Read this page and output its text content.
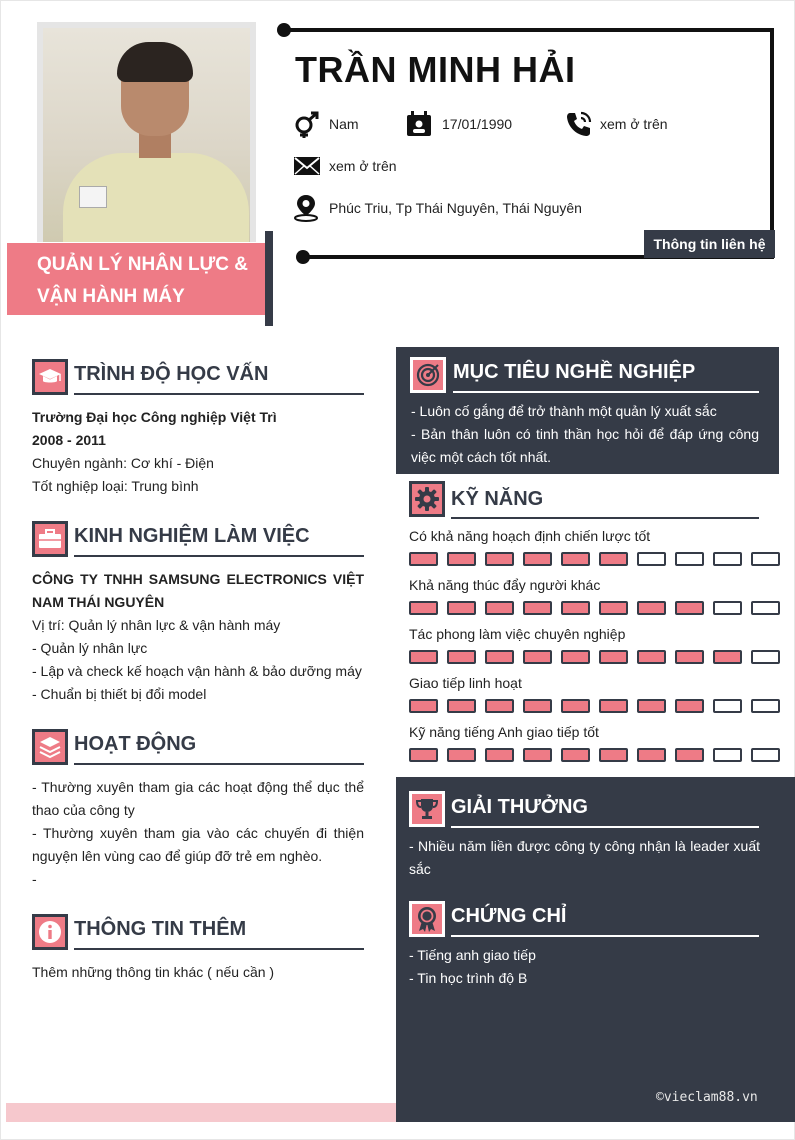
QUẢN LÝ NHÂN LỰC &
VẬN HÀNH MÁY
TRẦN MINH HẢI
Nam	17/01/1990	xem ở trên
xem ở trên
Phúc Triu, Tp Thái Nguyên, Thái Nguyên
Thông tin liên hệ
TRÌNH ĐỘ HỌC VẤN
Trường Đại học Công nghiệp Việt Trì
2008 - 2011
Chuyên ngành: Cơ khí - Điện
Tốt nghiệp loại: Trung bình
KINH NGHIỆM LÀM VIỆC
CÔNG TY TNHH SAMSUNG ELECTRONICS VIỆT
NAM THÁI NGUYÊN
Vị trí: Quản lý nhân lực & vận hành máy
- Quản lý nhân lực
- Lập và check kế hoạch vận hành & bảo dưỡng máy
- Chuẩn bị thiết bị đổi model
HOẠT ĐỘNG
- Thường xuyên tham gia các hoạt động thể dục thể
thao của công ty
- Thường xuyên tham gia vào các chuyến đi thiện
nguyện lên vùng cao để giúp đỡ trẻ em nghèo.
-
THÔNG TIN THÊM
Thêm những thông tin khác ( nếu cần )
MỤC TIÊU NGHỀ NGHIỆP
- Luôn cố gắng để trở thành một quản lý xuất sắc
- Bản thân luôn có tinh thần học hỏi để đáp ứng công
việc một cách tốt nhất.
KỸ NĂNG
Có khả năng hoạch định chiến lược tốt
Khả năng thúc đẩy người khác
Tác phong làm việc chuyên nghiệp
Giao tiếp linh hoạt
Kỹ năng tiếng Anh giao tiếp tốt
GIẢI THƯỞNG
- Nhiều năm liền được công ty công nhận là leader xuất
sắc
CHỨNG CHỈ
- Tiếng anh giao tiếp
- Tin học trình độ B
©vieclam88.vn
